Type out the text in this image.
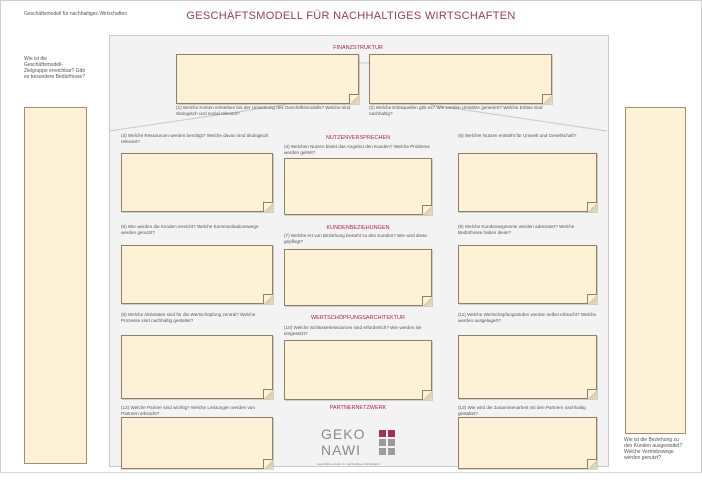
Geschäftsmodell für nachhaltiges Wirtschaften	GESCHÄFTSMODELL FÜR NACHHALTIGES WIRTSCHAFTEN
Wie ist die Geschäftsmodell-Zielgruppe erreichbar? Gibt es besondere Bedürfnisse?
Wie ist die Beziehung zu den Kunden ausgestaltet? Welche Vertriebswege werden genutzt?
FINANZSTRUKTUR
(1) Welche Kosten entstehen bei der Umsetzung des Geschäftsmodells? Welche sind ökologisch und sozial relevant?
(2) Welche Erlösquellen gibt es? Wie werden Umsätze generiert? Welche Erlöse sind nachhaltig?
NUTZENVERSPRECHEN
(3) Welche Ressourcen werden benötigt? Welche davon sind ökologisch relevant?
(4) Welchen Nutzen bietet das Angebot den Kunden? Welche Probleme werden gelöst?
(5) Welcher Nutzen entsteht für Umwelt und Gesellschaft?
KUNDENBEZIEHUNGEN
(6) Wie werden die Kunden erreicht? Welche Kommunikationswege werden genutzt?
(7) Welche Art von Beziehung besteht zu den Kunden? Wie wird diese gepflegt?
(8) Welche Kundensegmente werden adressiert? Welche Bedürfnisse haben diese?
WERTSCHÖPFUNGSARCHITEKTUR
(9) Welche Aktivitäten sind für die Wertschöpfung zentral? Welche Prozesse sind nachhaltig gestaltet?
(10) Welche Schlüsselressourcen sind erforderlich? Wie werden sie eingesetzt?
(11) Welche Wertschöpfungsstufen werden selbst erbracht? Welche werden ausgelagert?
PARTNERNETZWERK
(12) Welche Partner sind wichtig? Welche Leistungen werden von Partnern erbracht?
(13) Wie wird die Zusammenarbeit mit den Partnern nachhaltig gestaltet?
GEKO
NAWI
Geschäftsmodelle für nachhaltiges Wirtschaften
